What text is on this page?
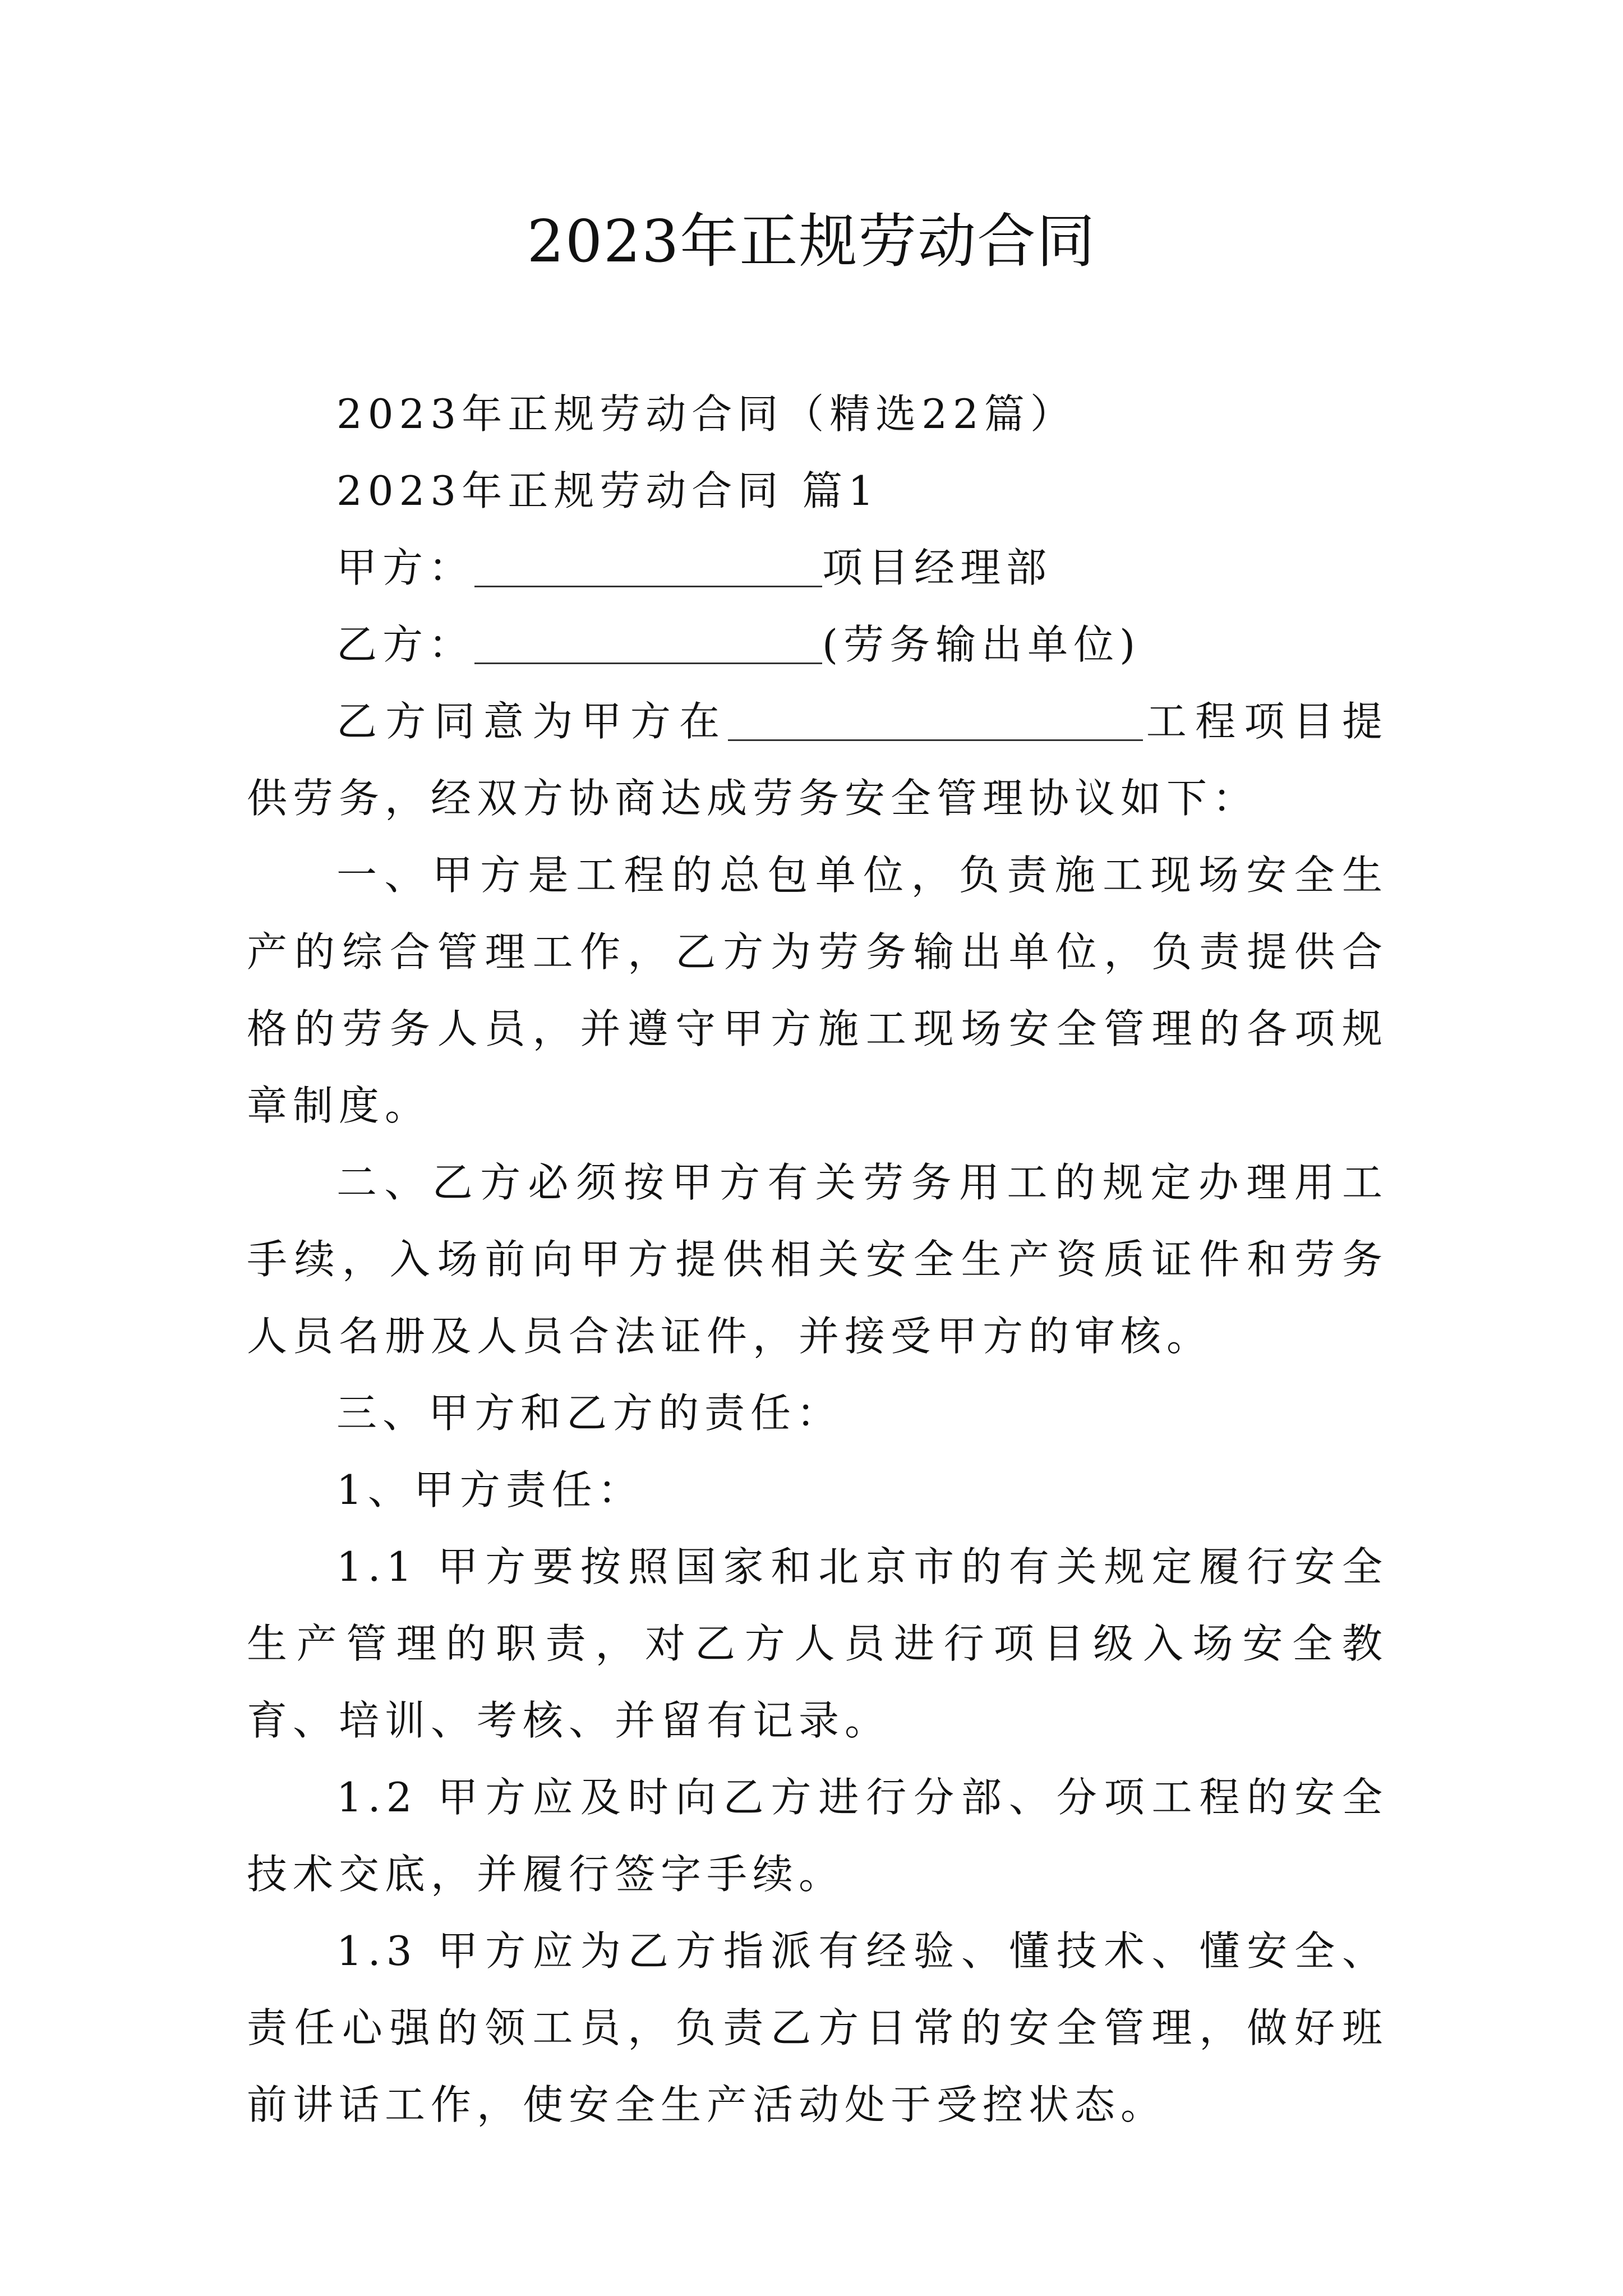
2023年正规劳动合同

2023年正规劳动合同（精选22篇）

2023年正规劳动合同 篇1

甲方：	项目经理部

乙方：	(劳务输出单位)

乙方同意为甲方在	工程项目提供劳务，经双方协商达成劳务安全管理协议如下：

一、甲方是工程的总包单位，负责施工现场安全生产的综合管理工作，乙方为劳务输出单位，负责提供合格的劳务人员，并遵守甲方施工现场安全管理的各项规章制度。

二、乙方必须按甲方有关劳务用工的规定办理用工手续，入场前向甲方提供相关安全生产资质证件和劳务人员名册及人员合法证件，并接受甲方的审核。

三、甲方和乙方的责任：

1、甲方责任：

1.1 甲方要按照国家和北京市的有关规定履行安全生产管理的职责，对乙方人员进行项目级入场安全教育、培训、考核、并留有记录。

1.2 甲方应及时向乙方进行分部、分项工程的安全技术交底，并履行签字手续。

1.3 甲方应为乙方指派有经验、懂技术、懂安全、责任心强的领工员，负责乙方日常的安全管理，做好班前讲话工作，使安全生产活动处于受控状态。
